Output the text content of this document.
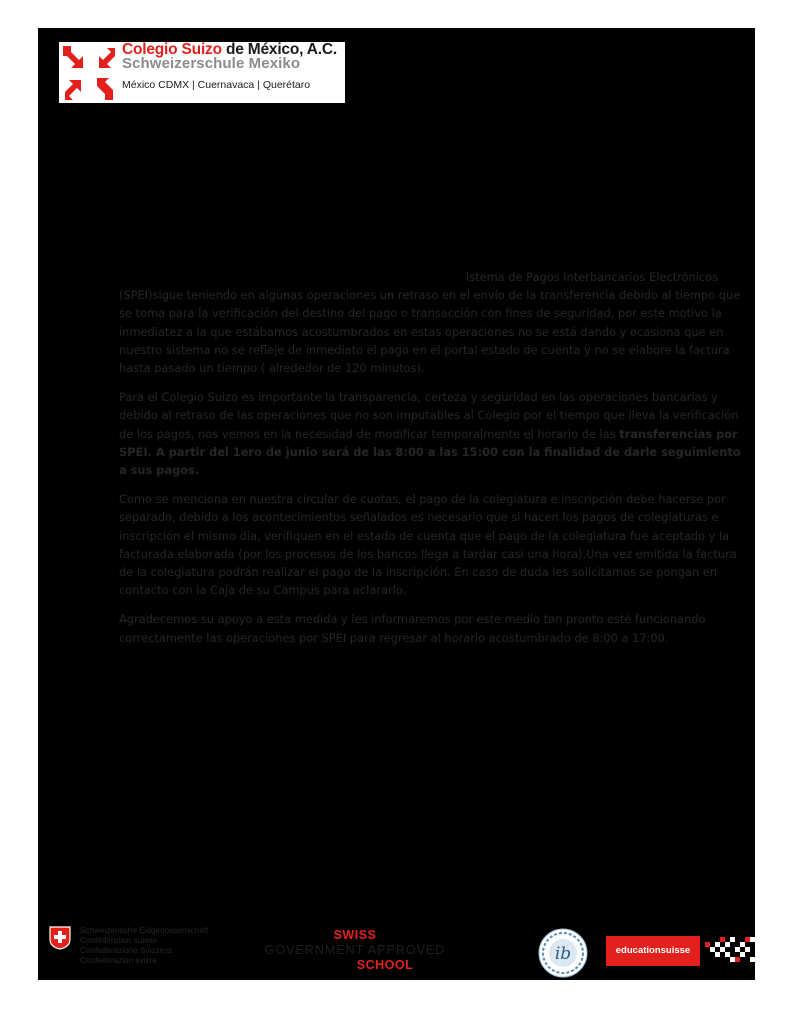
Colegio Suizo de México, A.C.
Schweizerschule Mexiko
México CDMX | Cuernavaca | Querétaro

istema de Pagos Interbancarios Electrónicos
(SPEI)sigue teniendo en algunas operaciones un retraso en el envío de la transferencia debido al tiempo que se toma para la verificación del destino del pago o transacción con fines de seguridad, por este motivo la inmediatez a la que estábamos acostumbrados en estas operaciones no se está dando y ocasiona que en nuestro sistema no se refleje de inmediato el pago en el portal estado de cuenta y no se elabore la factura hasta pasado un tiempo ( alrededor de 120 minutos).

Para el Colegio Suizo es importante la transparencia, certeza y seguridad en las operaciones bancarias y debido al retraso de las operaciones que no son imputables al Colegio por el tiempo que lleva la verificación de los pagos, nos vemos en la necesidad de modificar temporalmente el horario de las transferencias por SPEI. A partir del 1ero de junio será de las 8:00 a las 15:00 con la finalidad de darle seguimiento a sus pagos.

Como se menciona en nuestra circular de cuotas, el pago de la colegiatura e inscripción debe hacerse por separado, debido a los acontecimientos señalados es necesario que si hacen los pagos de colegiaturas e inscripción el mismo día, verifiquen en el estado de cuenta que el pago de la colegiatura fue aceptado y la facturada elaborada (por los procesos de los bancos llega a tardar casi una hora).Una vez emitida la factura de la colegiatura podrán realizar el pago de la inscripción. En caso de duda les solicitamos se pongan en contacto con la Caja de su Campus para aclararlo.

Agradecemos su apoyo a esta medida y les informaremos por este medio tan pronto esté funcionando correctamente las operaciones por SPEI para regresar al horario acostumbrado de 8:00 a 17:00.

Schweizerische Eidgenossenschaft
Confédération suisse
Confederazione Svizzera
Confederaziun svizra
SWISS
GOVERNMENT APPROVED
SCHOOL
ib	educationsuisse
